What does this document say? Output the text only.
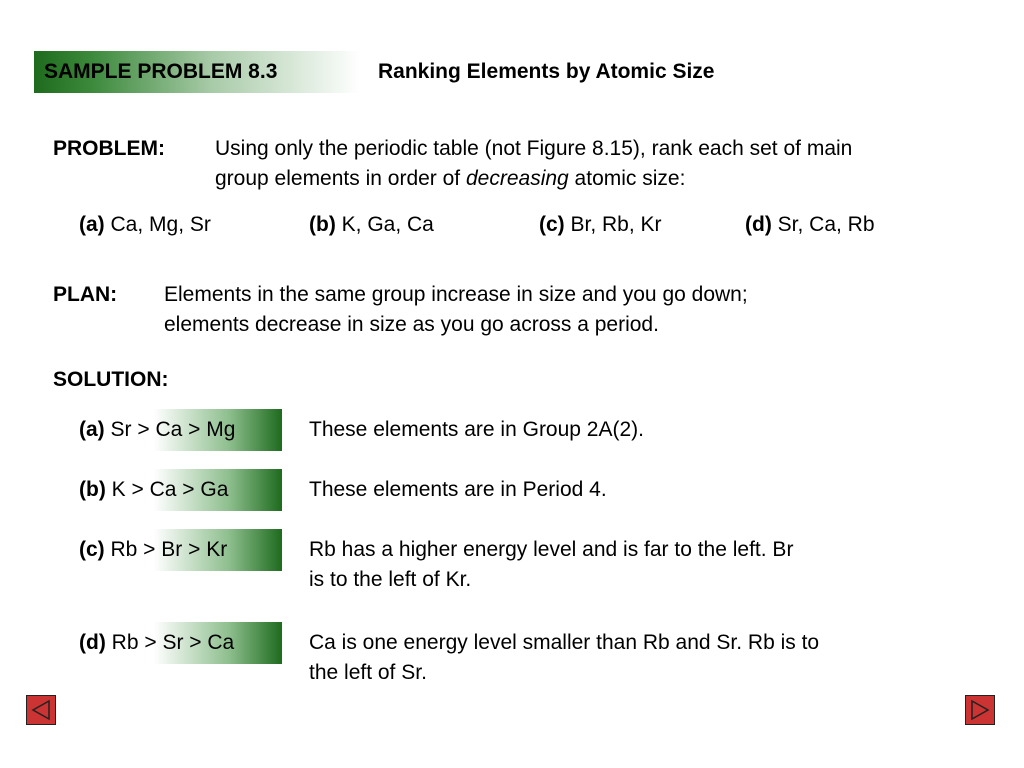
SAMPLE PROBLEM 8.3	Ranking Elements by Atomic Size
PROBLEM: Using only the periodic table (not Figure 8.15), rank each set of main
group elements in order of decreasing atomic size:
(a) Ca, Mg, Sr	(b) K, Ga, Ca	(c) Br, Rb, Kr	(d) Sr, Ca, Rb
PLAN: Elements in the same group increase in size and you go down;
elements decrease in size as you go across a period.
SOLUTION:
(a) Sr > Ca > Mg	These elements are in Group 2A(2).
(b) K > Ca > Ga	These elements are in Period 4.
(c) Rb > Br > Kr	Rb has a higher energy level and is far to the left. Br
is to the left of Kr.
(d) Rb > Sr > Ca	Ca is one energy level smaller than Rb and Sr. Rb is to
the left of Sr.
